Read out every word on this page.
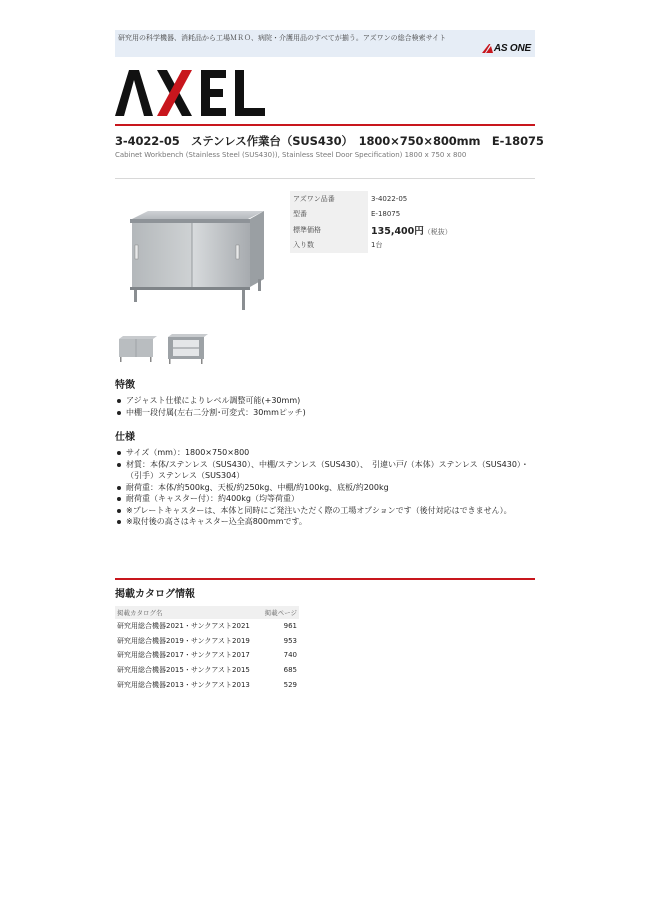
研究用の科学機器、消耗品から工場ＭＲＯ、病院・介護用品のすべてが揃う。アズワンの総合検索サイト
AS ONE
3-4022-05　ステンレス作業台（SUS430）　1800×750×800mm　E-18075
Cabinet Workbench (Stainless Steel (SUS430)), Stainless Steel Door Specification) 1800 x 750 x 800
アズワン品番	3-4022-05
型番	E-18075
標準価格	135,400円（税抜）
入り数	1台
特徴
アジャスト仕様によりレベル調整可能(+30mm)
中棚一段付属(左右二分割･可変式：30mmピッチ)
仕様
サイズ（mm）：1800×750×800
材質：本体/ステンレス（SUS430）、中棚/ステンレス（SUS430）、　引違い戸/（本体）ステンレス（SUS430）・（引手）ステンレス（SUS304）
耐荷重：本体/約500kg、天板/約250kg、中棚/約100kg、底板/約200kg
耐荷重（キャスター付）：約400kg（均等荷重）
※プレートキャスターは、本体と同時にご発注いただく際の工場オプションです（後付対応はできません）。
※取付後の高さはキャスター込全高800mmです。
掲載カタログ情報
掲載カタログ名	掲載ページ
研究用総合機器2021・サンクアスト2021	961
研究用総合機器2019・サンクアスト2019	953
研究用総合機器2017・サンクアスト2017	740
研究用総合機器2015・サンクアスト2015	685
研究用総合機器2013・サンクアスト2013	529
